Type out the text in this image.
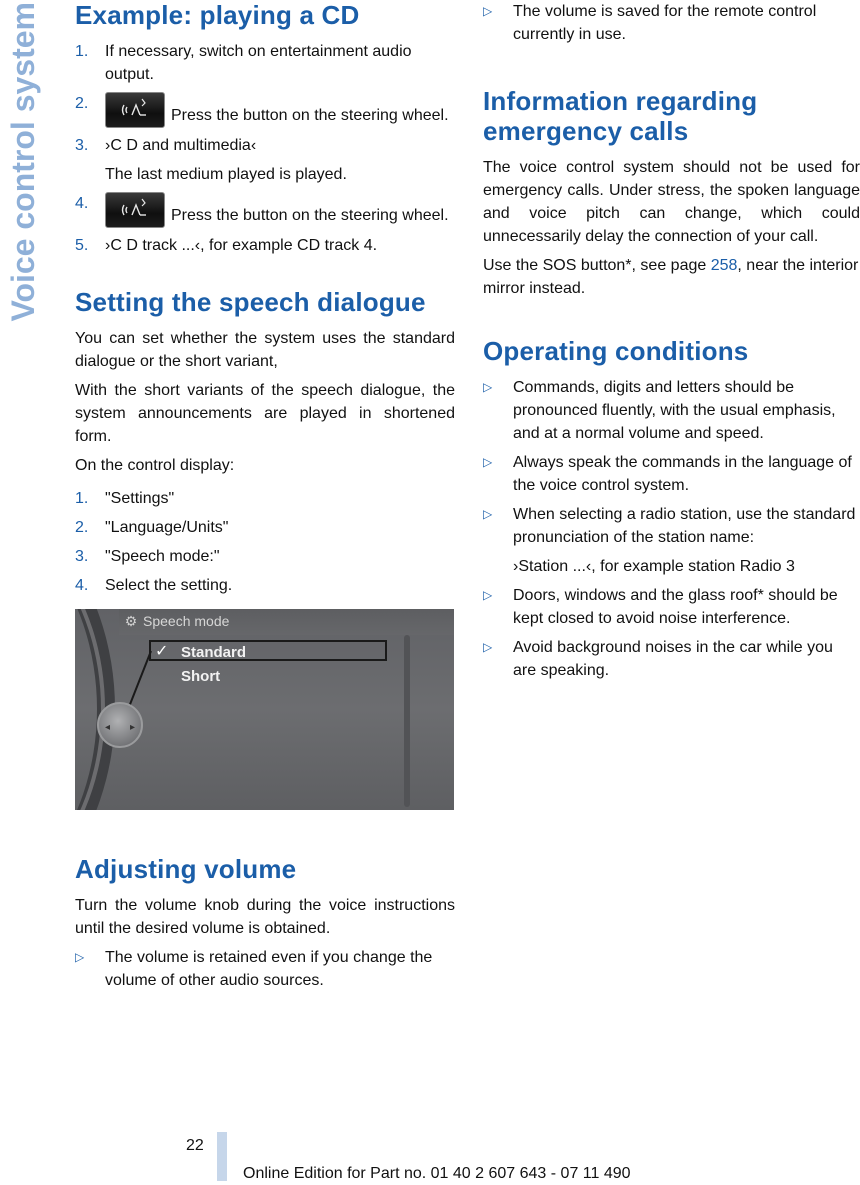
Voice control system Example: playing a CD
1. If necessary, switch on entertainment audio output.
2.
Press the button on the steering wheel.
3. ›C D and multimedia‹
The last medium played is played.
4.
Press the button on the steering wheel.
5. ›C D track ...‹, for example CD track 4.
Setting the speech dialogue

You can set whether the system uses the standard dialogue or the short variant,

With the short variants of the speech dialogue, the system announcements are played in shortened form.

On the control display:

1. "Settings"
2. "Language/Units"
3. "Speech mode:"
4. Select the setting.
⚙ Speech mode
✓ Standard
Short
◂ ▸
Adjusting volume

Turn the volume knob during the voice instructions until the desired volume is obtained.

▷ The volume is retained even if you change the volume of other audio sources.
▷ The volume is saved for the remote control currently in use.
Information regarding emergency calls

The voice control system should not be used for emergency calls. Under stress, the spoken language and voice pitch can change, which could unnecessarily delay the connection of your call.

Use the SOS button*, see page 258, near the interior mirror instead.

Operating conditions
▷ Commands, digits and letters should be pronounced fluently, with the usual emphasis, and at a normal volume and speed.
▷ Always speak the commands in the language of the voice control system.
▷ When selecting a radio station, use the standard pronunciation of the station name:
›Station ...‹, for example station Radio 3
▷ Doors, windows and the glass roof* should be kept closed to avoid noise interference.
▷ Avoid background noises in the car while you are speaking.
22
Online Edition for Part no. 01 40 2 607 643 - 07 11 490
